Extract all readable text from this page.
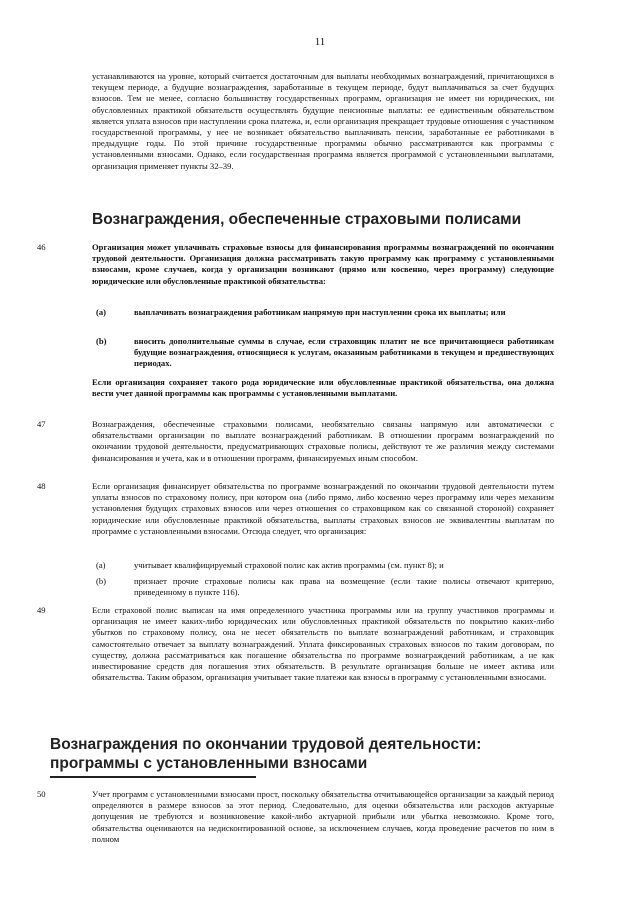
11
устанавливаются на уровне, который считается достаточным для выплаты необходимых вознаграждений, причитающихся в текущем периоде, а будущие вознаграждения, заработанные в текущем периоде, будут выплачиваться за счет будущих взносов. Тем не менее, согласно большинству государственных программ, организация не имеет ни юридических, ни обусловленных практикой обязательств осуществлять будущие пенсионные выплаты: ее единственным обязательством является уплата взносов при наступлении срока платежа, и, если организация прекращает трудовые отношения с участником государственной программы, у нее не возникает обязательство выплачивать пенсии, заработанные ее работниками в предыдущие годы. По этой причине государственные программы обычно рассматриваются как программы с установленными взносами. Однако, если государственная программа является программой с установленными выплатами, организация применяет пункты 32–39.
Вознаграждения, обеспеченные страховыми полисами
46	Организация может уплачивать страховые взносы для финансирования программы вознаграждений по окончании трудовой деятельности. Организация должна рассматривать такую программу как программу с установленными взносами, кроме случаев, когда у организации возникают (прямо или косвенно, через программу) следующие юридические или обусловленные практикой обязательства:
(a)	выплачивать вознаграждения работникам напрямую при наступлении срока их выплаты; или
(b)	вносить дополнительные суммы в случае, если страховщик платит не все причитающиеся работникам будущие вознаграждения, относящиеся к услугам, оказанным работниками в текущем и предшествующих периодах.
Если организация сохраняет такого рода юридические или обусловленные практикой обязательства, она должна вести учет данной программы как программы с установленными выплатами.
47	Вознаграждения, обеспеченные страховыми полисами, необязательно связаны напрямую или автоматически с обязательствами организации по выплате вознаграждений работникам. В отношении программ вознаграждений по окончании трудовой деятельности, предусматривающих страховые полисы, действуют те же различия между системами финансирования и учета, как и в отношении программ, финансируемых иным способом.
48	Если организация финансирует обязательства по программе вознаграждений по окончании трудовой деятельности путем уплаты взносов по страховому полису, при котором она (либо прямо, либо косвенно через программу или через механизм установления будущих страховых взносов или через отношения со страховщиком как со связанной стороной) сохраняет юридические или обусловленные практикой обязательства, выплаты страховых взносов не эквивалентны выплатам по программе с установленными взносами. Отсюда следует, что организация:
(a)	учитывает квалифицируемый страховой полис как актив программы (см. пункт 8); и
(b)	признает прочие страховые полисы как права на возмещение (если такие полисы отвечают критерию, приведенному в пункте 116).
49	Если страховой полис выписан на имя определенного участника программы или на группу участников программы и организация не имеет каких-либо юридических или обусловленных практикой обязательств по покрытию каких-либо убытков по страховому полису, она не несет обязательств по выплате вознаграждений работникам, и страховщик самостоятельно отвечает за выплату вознаграждений. Уплата фиксированных страховых взносов по таким договорам, по существу, должна рассматриваться как погашение обязательства по программе вознаграждений работникам, а не как инвестирование средств для погашения этих обязательств. В результате организация больше не имеет актива или обязательства. Таким образом, организация учитывает такие платежи как взносы в программу с установленными взносами.
Вознаграждения по окончании трудовой деятельности: программы с установленными взносами
50	Учет программ с установленными взносами прост, поскольку обязательства отчитывающейся организации за каждый период определяются в размере взносов за этот период. Следовательно, для оценки обязательства или расходов актуарные допущения не требуются и возникновение какой-либо актуарной прибыли или убытка невозможно. Кроме того, обязательства оцениваются на недисконтированной основе, за исключением случаев, когда проведение расчетов по ним в полном
